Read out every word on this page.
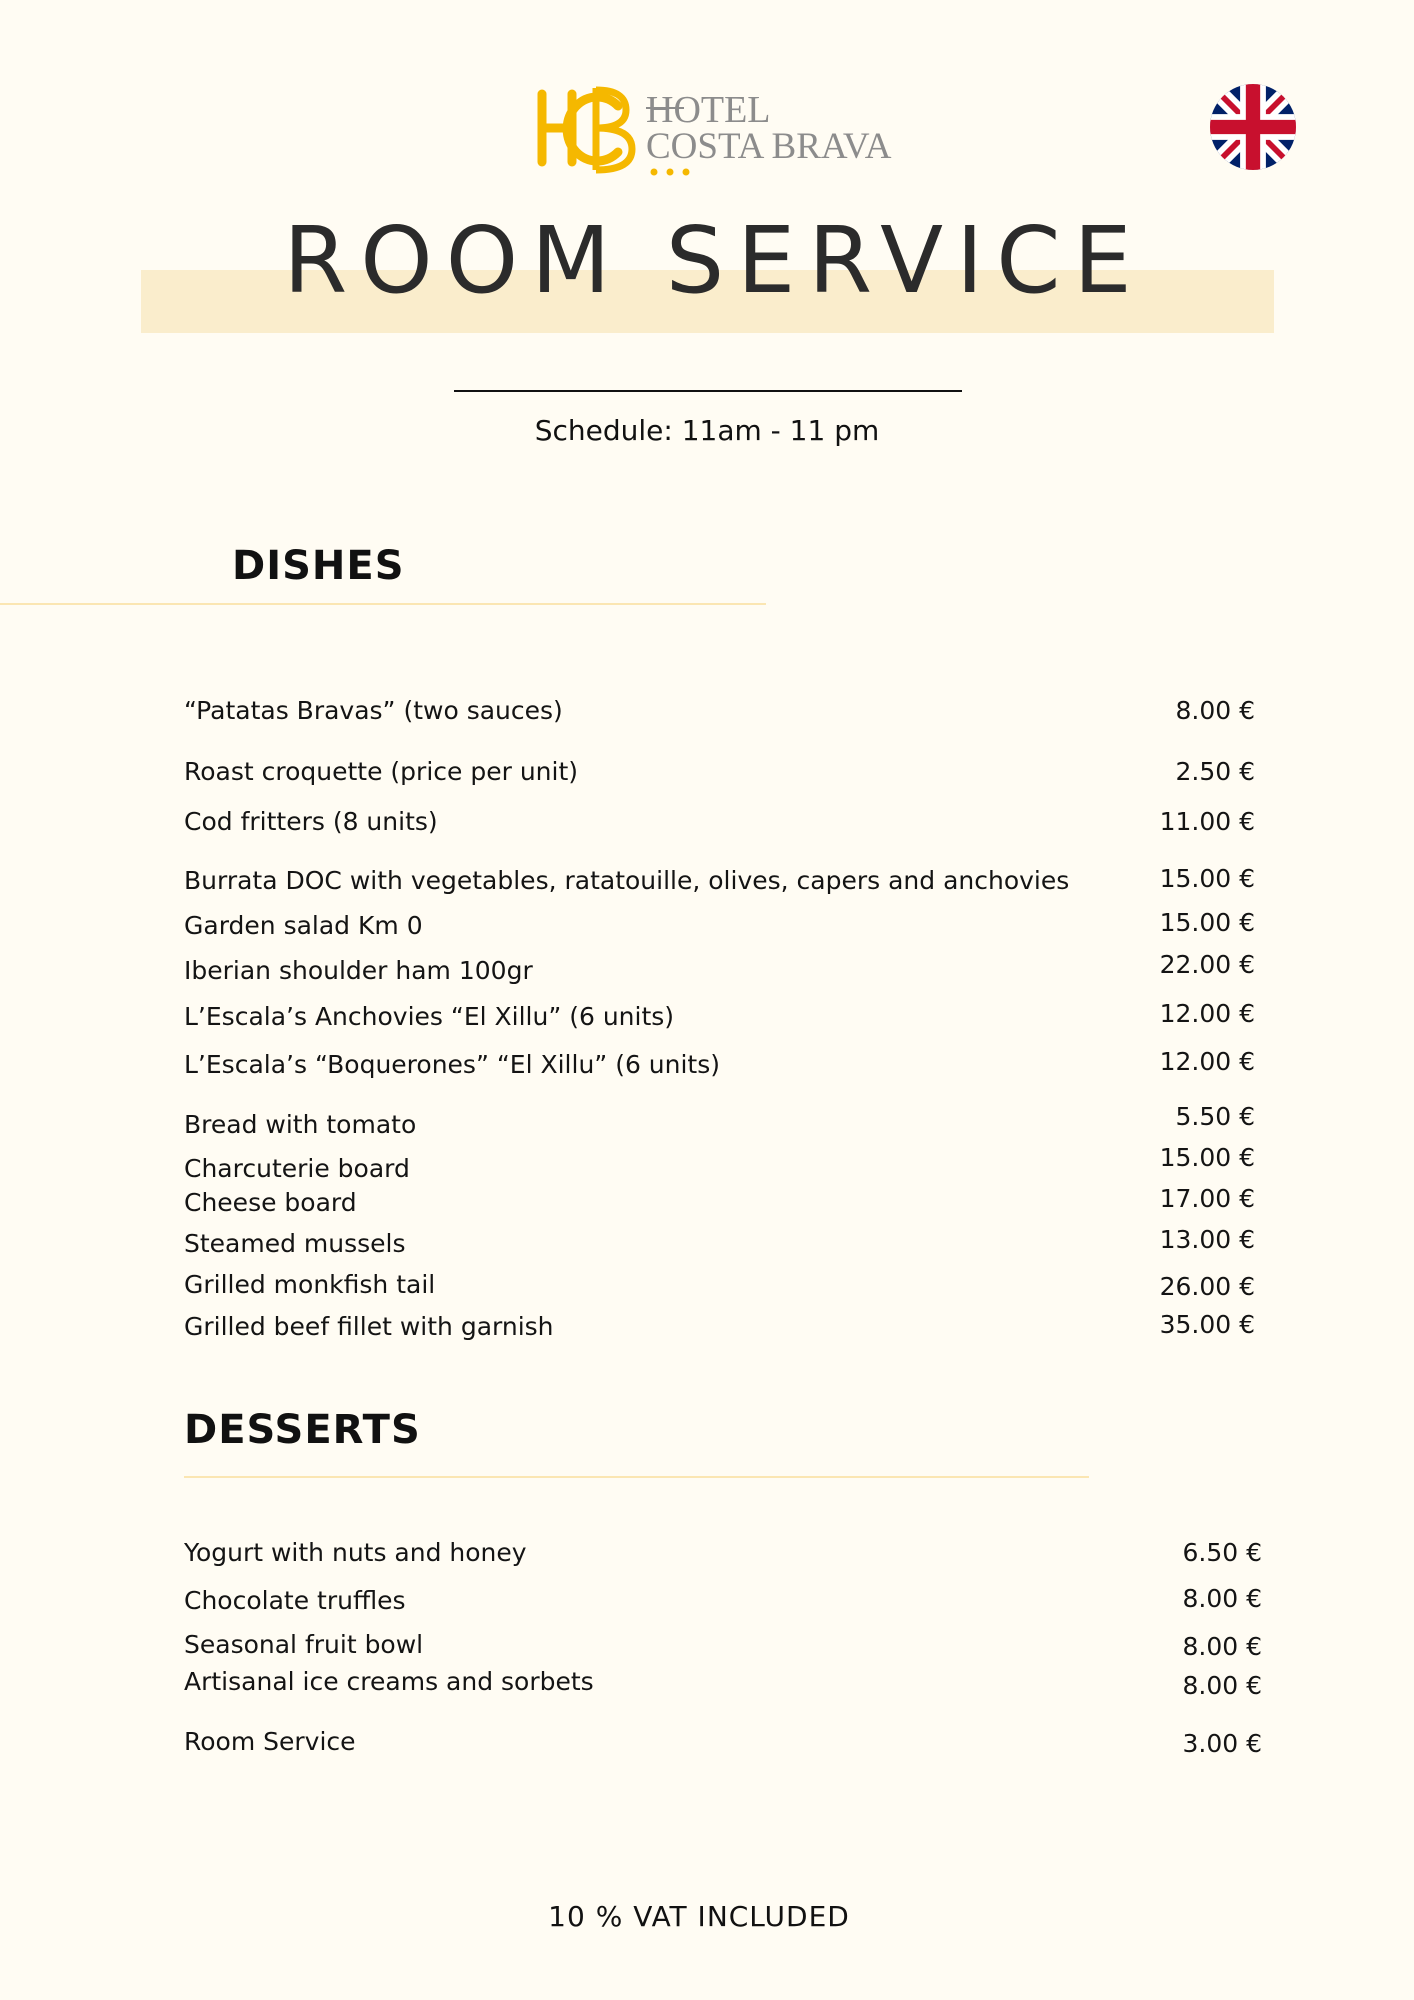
HOTEL
COSTA BRAVA
ROOM SERVICE
Schedule: 11am - 11 pm
DISHES
“Patatas Bravas” (two sauces)	8.00 €
Roast croquette (price per unit)	2.50 €
Cod fritters (8 units)	11.00 €
Burrata DOC with vegetables, ratatouille, olives, capers and anchovies	15.00 €
Garden salad Km 0	15.00 €
Iberian shoulder ham 100gr	22.00 €
L’Escala’s Anchovies “El Xillu” (6 units)	12.00 €
L’Escala’s “Boquerones” “El Xillu” (6 units)	12.00 €
Bread with tomato	5.50 €
Charcuterie board	15.00 €
Cheese board	17.00 €
Steamed mussels	13.00 €
Grilled monkfish tail	26.00 €
Grilled beef fillet with garnish	35.00 €
DESSERTS
Yogurt with nuts and honey	6.50 €
Chocolate truffles	8.00 €
Seasonal fruit bowl	8.00 €
Artisanal ice creams and sorbets	8.00 €
Room Service	3.00 €
10 % VAT INCLUDED
